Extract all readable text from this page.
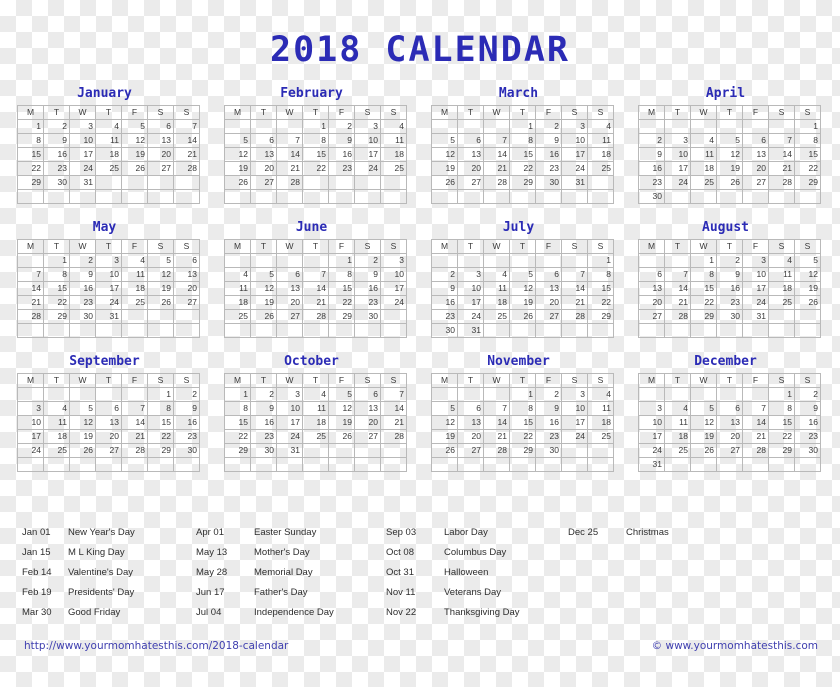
2018 CALENDAR
January
M	T	W	T	F	S	S
1	2	3	4	5	6	7
8	9	10	11	12	13	14
15	16	17	18	19	20	21
22	23	24	25	26	27	28
29	30	31				

February
M	T	W	T	F	S	S
			1	2	3	4
5	6	7	8	9	10	11
12	13	14	15	16	17	18
19	20	21	22	23	24	25
26	27	28				

March
M	T	W	T	F	S	S
			1	2	3	4
5	6	7	8	9	10	11
12	13	14	15	16	17	18
19	20	21	22	23	24	25
26	27	28	29	30	31	

April
M	T	W	T	F	S	S
						1
2	3	4	5	6	7	8
9	10	11	12	13	14	15
16	17	18	19	20	21	22
23	24	25	26	27	28	29
30						
May
M	T	W	T	F	S	S
	1	2	3	4	5	6
7	8	9	10	11	12	13
14	15	16	17	18	19	20
21	22	23	24	25	26	27
28	29	30	31			

June
M	T	W	T	F	S	S
				1	2	3
4	5	6	7	8	9	10
11	12	13	14	15	16	17
18	19	20	21	22	23	24
25	26	27	28	29	30	

July
M	T	W	T	F	S	S
						1
2	3	4	5	6	7	8
9	10	11	12	13	14	15
16	17	18	19	20	21	22
23	24	25	26	27	28	29
30	31					
August
M	T	W	T	F	S	S
		1	2	3	4	5
6	7	8	9	10	11	12
13	14	15	16	17	18	19
20	21	22	23	24	25	26
27	28	29	30	31		

September
M	T	W	T	F	S	S
					1	2
3	4	5	6	7	8	9
10	11	12	13	14	15	16
17	18	19	20	21	22	23
24	25	26	27	28	29	30

October
M	T	W	T	F	S	S
1	2	3	4	5	6	7
8	9	10	11	12	13	14
15	16	17	18	19	20	21
22	23	24	25	26	27	28
29	30	31				

November
M	T	W	T	F	S	S
			1	2	3	4
5	6	7	8	9	10	11
12	13	14	15	16	17	18
19	20	21	22	23	24	25
26	27	28	29	30		

December
M	T	W	T	F	S	S
					1	2
3	4	5	6	7	8	9
10	11	12	13	14	15	16
17	18	19	20	21	22	23
24	25	26	27	28	29	30
31						
Jan 01	New Year's Day	Apr 01	Easter Sunday	Sep 03	Labor Day	Dec 25	Christmas
Jan 15	M L King Day	May 13	Mother's Day	Oct 08	Columbus Day
Feb 14	Valentine's Day	May 28	Memorial Day	Oct 31	Halloween
Feb 19	Presidents' Day	Jun 17	Father's Day	Nov 11	Veterans Day
Mar 30	Good Friday	Jul 04	Independence Day	Nov 22	Thanksgiving Day
http://www.yourmomhatesthis.com/2018-calendar	© www.yourmomhatesthis.com
